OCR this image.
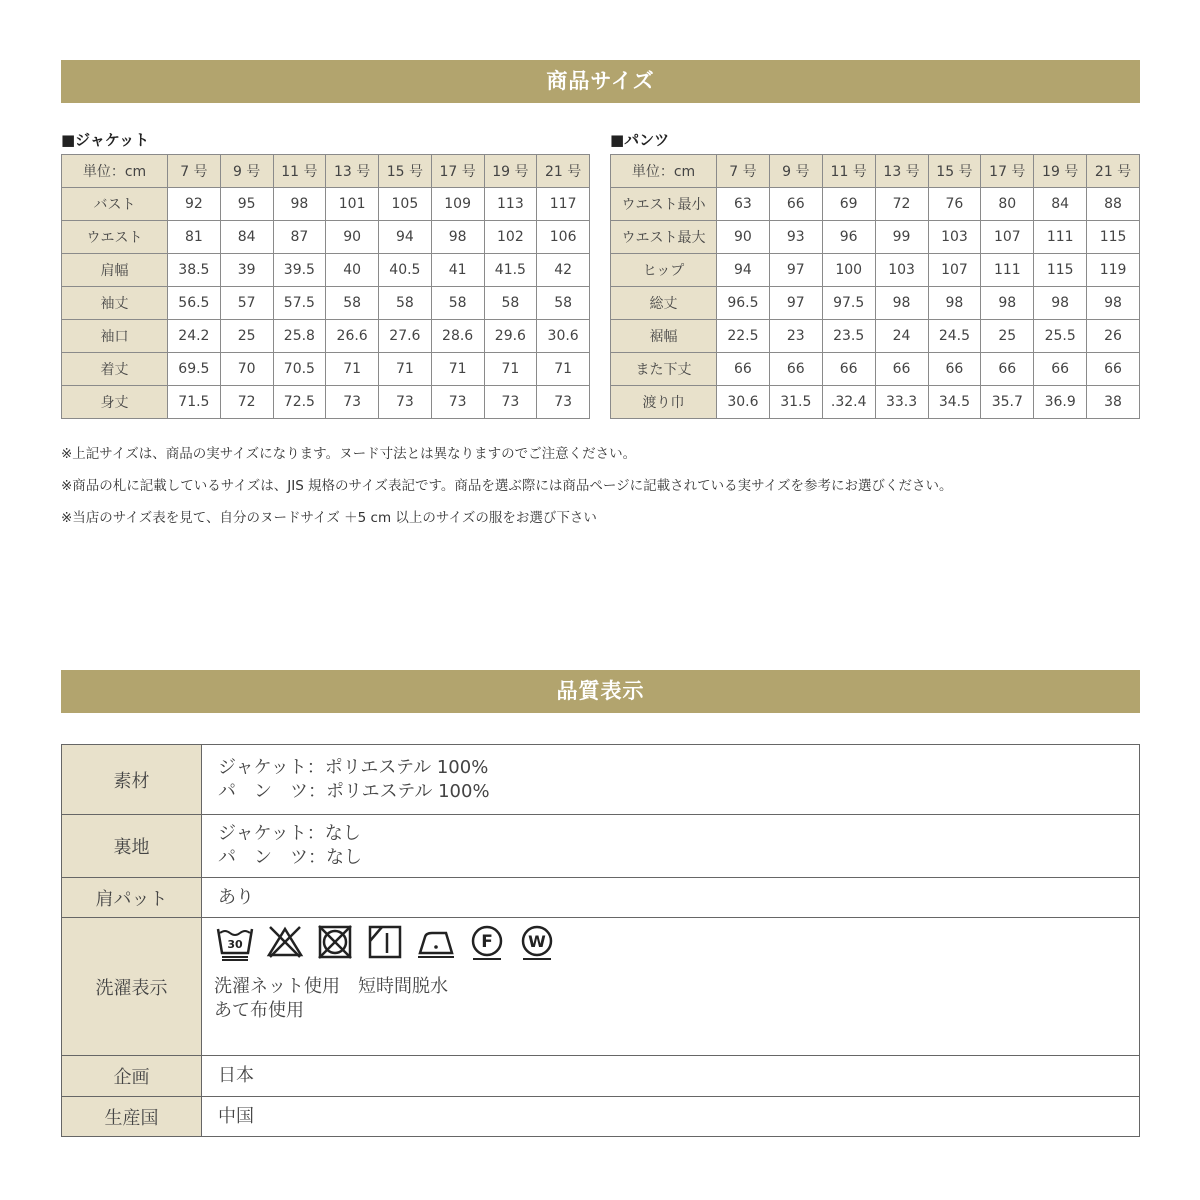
商品サイズ
■ジャケット	■パンツ
単位：cm	7 号	9 号	11 号	13 号	15 号	17 号	19 号	21 号
バスト	92	95	98	101	105	109	113	117
ウエスト	81	84	87	90	94	98	102	106
肩幅	38.5	39	39.5	40	40.5	41	41.5	42
袖丈	56.5	57	57.5	58	58	58	58	58
袖口	24.2	25	25.8	26.6	27.6	28.6	29.6	30.6
着丈	69.5	70	70.5	71	71	71	71	71
身丈	71.5	72	72.5	73	73	73	73	73
単位：cm	7 号	9 号	11 号	13 号	15 号	17 号	19 号	21 号
ウエスト最小	63	66	69	72	76	80	84	88
ウエスト最大	90	93	96	99	103	107	111	115
ヒップ	94	97	100	103	107	111	115	119
総丈	96.5	97	97.5	98	98	98	98	98
裾幅	22.5	23	23.5	24	24.5	25	25.5	26
また下丈	66	66	66	66	66	66	66	66
渡り巾	30.6	31.5	.32.4	33.3	34.5	35.7	36.9	38
※上記サイズは、商品の実サイズになります。ヌード寸法とは異なりますのでご注意ください。
※商品の札に記載しているサイズは、JIS 規格のサイズ表記です。商品を選ぶ際には商品ページに記載されている実サイズを参考にお選びください。
※当店のサイズ表を見て、自分のヌードサイズ ＋5 cm 以上のサイズの服をお選び下さい
品質表示
素材	ジャケット：ポリエステル 100%
パ　ン　ツ：ポリエステル 100%

裏地	ジャケット：なし
パ　ン　ツ：なし

肩パット	あり
洗濯表示	30 F W
洗濯ネット使用　短時間脱水
あて布使用

企画	日本
生産国	中国
